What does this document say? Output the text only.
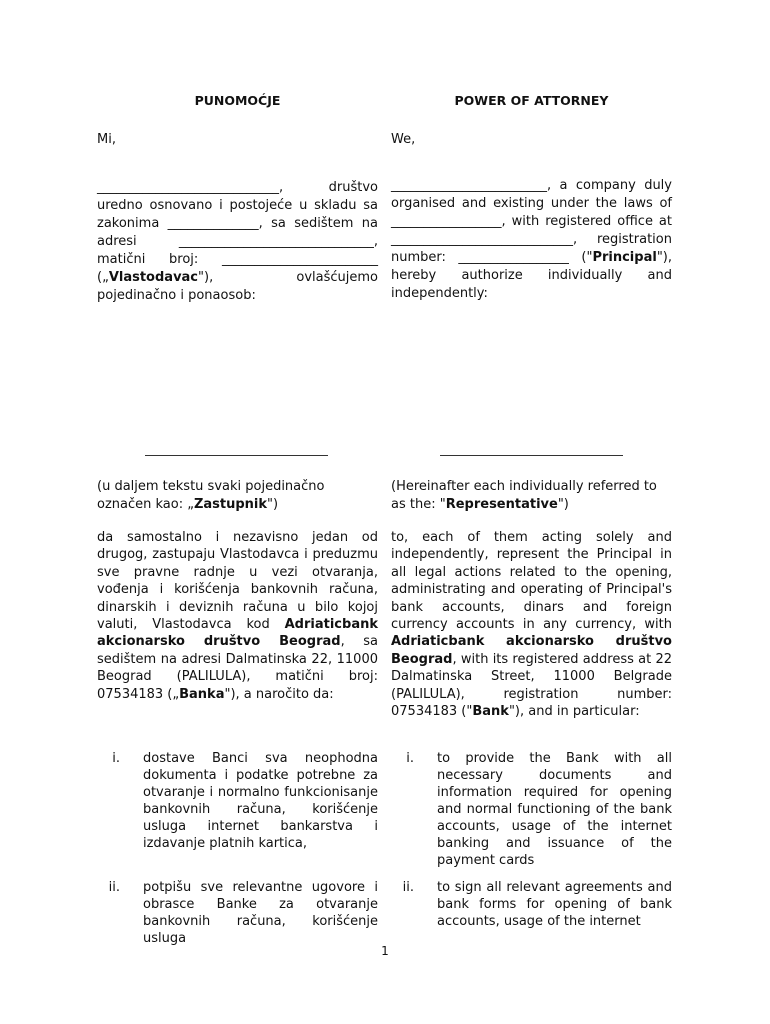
PUNOMOĆJE	POWER OF ATTORNEY
Mi,	We,
____________________________, društvo uredno osnovano i postojeće u skladu sa zakonima ______________, sa sedištem na adresi ______________________________, matični broj: ________________________ („Vlastodavac"), ovlašćujemo pojedinačno i ponaosob:
________________________, a company duly organised and existing under the laws of _________________, with registered office at ____________________________, registration number: _________________ ("Principal"), hereby authorize individually and independently:
(u daljem tekstu svaki pojedinačno označen kao: „Zastupnik")
(Hereinafter each individually referred to as the: "Representative")
da samostalno i nezavisno jedan od drugog, zastupaju Vlastodavca i preduzmu sve pravne radnje u vezi otvaranja, vođenja i korišćenja bankovnih računa, dinarskih i deviznih računa u bilo kojoj valuti, Vlastodavca kod Adriaticbank akcionarsko društvo Beograd, sa sedištem na adresi Dalmatinska 22, 11000 Beograd (PALILULA), matični broj: 07534183 („Banka"), a naročito da:
to, each of them acting solely and independently, represent the Principal in all legal actions related to the opening, administrating and operating of Principal's bank accounts, dinars and foreign currency accounts in any currency, with Adriaticbank akcionarsko društvo Beograd, with its registered address at 22 Dalmatinska Street, 11000 Belgrade (PALILULA), registration number: 07534183 ("Bank"), and in particular:
i. dostave Banci sva neophodna dokumenta i podatke potrebne za otvaranje i normalno funkcionisanje bankovnih računa, korišćenje usluga internet bankarstva i izdavanje platnih kartica,
ii. potpišu sve relevantne ugovore i obrasce Banke za otvaranje bankovnih računa, korišćenje usluga
i. to provide the Bank with all necessary documents and information required for opening and normal functioning of the bank accounts, usage of the internet banking and issuance of the payment cards
ii. to sign all relevant agreements and bank forms for opening of bank accounts, usage of the internet
1
